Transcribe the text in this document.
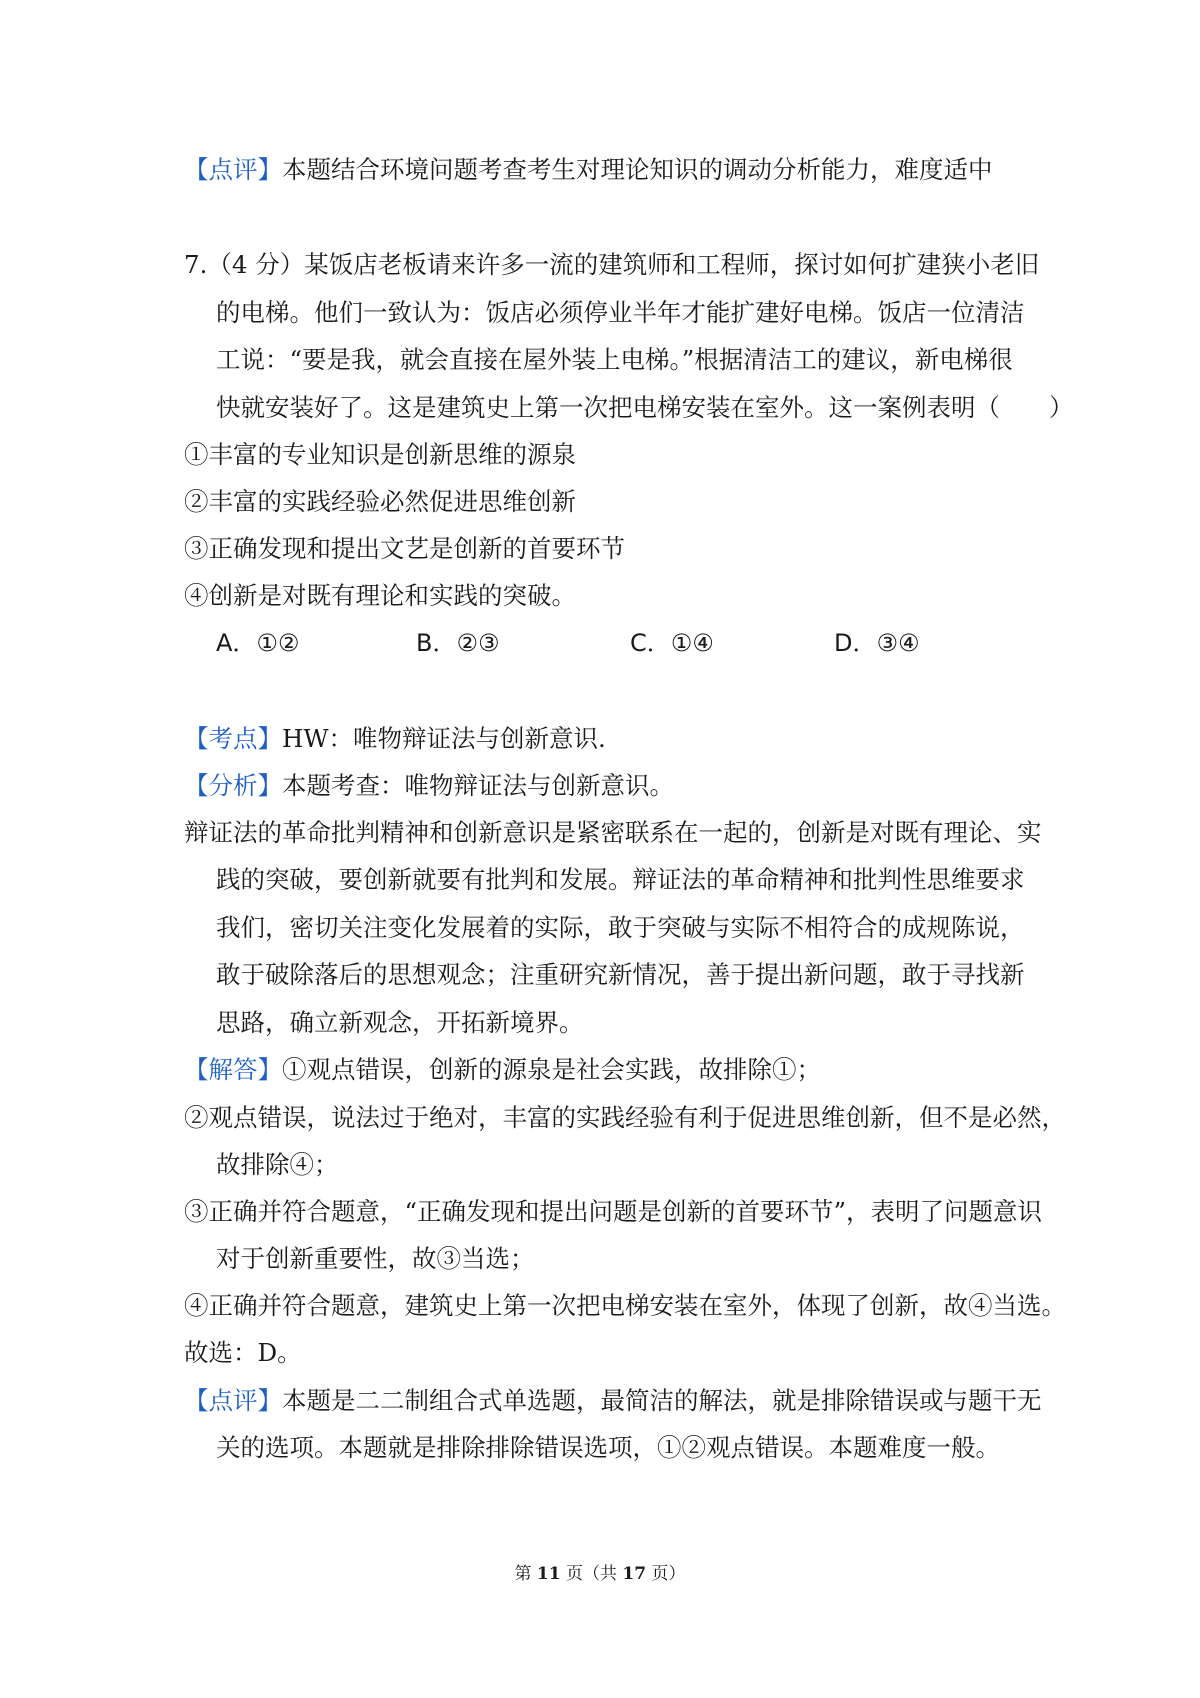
【点评】本题结合环境问题考查考生对理论知识的调动分析能力，难度适中
7.（4 分）某饭店老板请来许多一流的建筑师和工程师，探讨如何扩建狭小老旧
的电梯。他们一致认为：饭店必须停业半年才能扩建好电梯。饭店一位清洁
工说：“要是我，就会直接在屋外装上电梯。”根据清洁工的建议，新电梯很
快就安装好了。这是建筑史上第一次把电梯安装在室外。这一案例表明（　　）
①丰富的专业知识是创新思维的源泉
②丰富的实践经验必然促进思维创新
③正确发现和提出文艺是创新的首要环节
④创新是对既有理论和实践的突破。
A．①②	B．②③	C．①④	D．③④
【考点】HW：唯物辩证法与创新意识.
【分析】本题考查：唯物辩证法与创新意识。
辩证法的革命批判精神和创新意识是紧密联系在一起的，创新是对既有理论、实
践的突破，要创新就要有批判和发展。辩证法的革命精神和批判性思维要求
我们，密切关注变化发展着的实际，敢于突破与实际不相符合的成规陈说，
敢于破除落后的思想观念；注重研究新情况，善于提出新问题，敢于寻找新
思路，确立新观念，开拓新境界。
【解答】①观点错误，创新的源泉是社会实践，故排除①；
②观点错误，说法过于绝对，丰富的实践经验有利于促进思维创新，但不是必然，
故排除④；
③正确并符合题意，“正确发现和提出问题是创新的首要环节”，表明了问题意识
对于创新重要性，故③当选；
④正确并符合题意，建筑史上第一次把电梯安装在室外，体现了创新，故④当选。
故选：D。
【点评】本题是二二制组合式单选题，最简洁的解法，就是排除错误或与题干无
关的选项。本题就是排除排除错误选项，①②观点错误。本题难度一般。
第 11 页（共 17 页）
